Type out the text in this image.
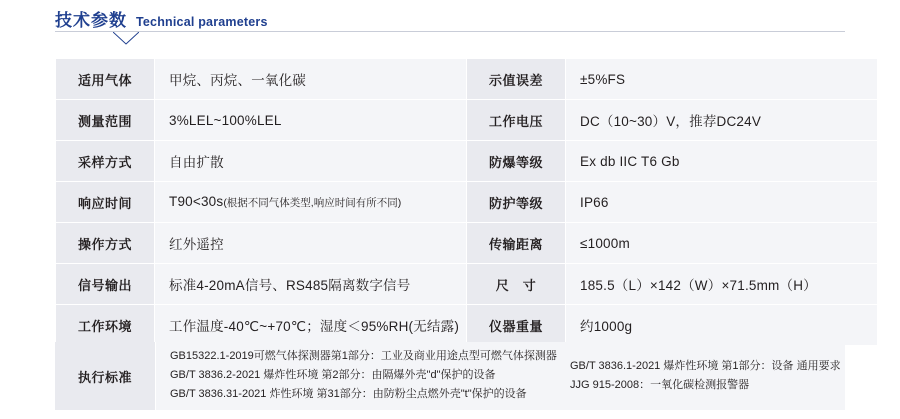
技术参数 Technical parameters
适用气体	甲烷、丙烷、一氧化碳	示值误差	±5%FS
测量范围	3%LEL~100%LEL	工作电压	DC（10~30）V，推荐DC24V
采样方式	自由扩散	防爆等级	Ex db IIC T6 Gb
响应时间	T90<30s(根据不同气体类型,响应时间有所不同)	防护等级	IP66
操作方式	红外遥控	传输距离	≤1000m
信号输出	标准4-20mA信号、RS485隔离数字信号	尺　寸	185.5（L）×142（W）×71.5mm（H）
工作环境	工作温度-40℃~+70℃；湿度＜95%RH(无结露)	仪器重量	约1000g
执行标准
GB15322.1-2019可燃气体探测器第1部分：工业及商业用途点型可燃气体探测器
GB/T 3836.2-2021 爆炸性环境 第2部分：由隔爆外壳"d"保护的设备
GB/T 3836.31-2021 炸性环境 第31部分：由防粉尘点燃外壳"t"保护的设备
GB/T 3836.1-2021 爆炸性环境 第1部分：设备 通用要求
JJG 915-2008：一氧化碳检测报警器
